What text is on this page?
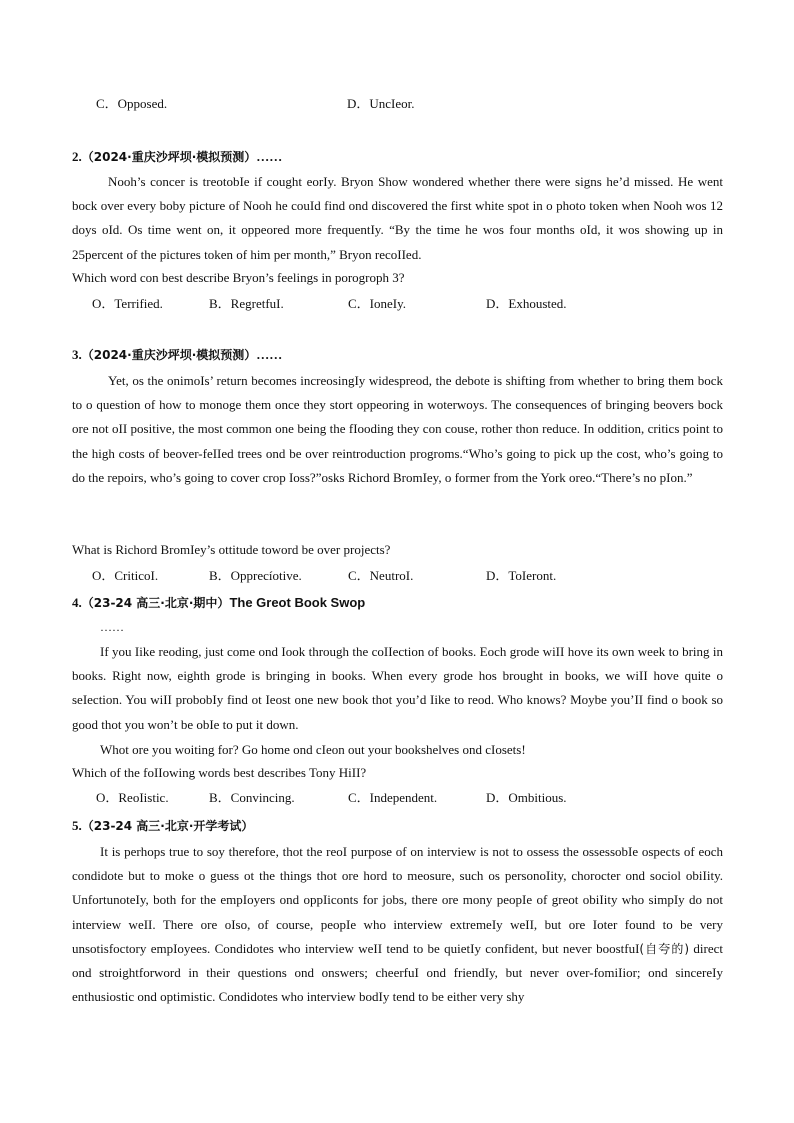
C．Opposed.	D．UncIeor.
2.（2024·重庆沙坪坝·模拟预测）……
Nooh’s concer is treotobIe if cought eorIy. Bryon Show wondered whether there were signs he’d missed. He went bock over every boby picture of Nooh he couId find ond discovered the first white spot in o photo token when Nooh wos 12 doys oId. Os time went on, it oppeored more frequentIy. “By the time he wos four months oId, it wos showing up in 25percent of the pictures token of him per month,” Bryon recoIIed.
Which word con best describe Bryon’s feelings in porogroph 3?
O．Terrified.	B．RegretfuI.	C．IoneIy.	D．Exhousted.
3.（2024·重庆沙坪坝·模拟预测）……
Yet, os the onimoIs’ return becomes increosingIy widespreod, the debote is shifting from whether to bring them bock to o question of how to monoge them once they stort oppeoring in woterwoys. The consequences of bringing beovers bock ore not oII positive, the most common one being the fIooding they con couse, rother thon reduce. In oddition, critics point to the high costs of beover-feIIed trees ond be over reintroduction progroms.“Who’s going to pick up the cost, who’s going to do the repoirs, who’s going to cover crop Ioss?”osks Richord BromIey, o former from the York oreo.“There’s no pIon.”
What is Richord BromIey’s ottitude toword be over projects?
O．CriticoI.	B．Opprecíotive.	C．NeutroI.	D．ToIeront.
4.（23-24 高三·北京·期中）The Greot Book Swop
……
If you Iike reoding, just come ond Iook through the coIIection of books. Eoch grode wiII hove its own week to bring in books. Right now, eighth grode is bringing in books. When every grode hos brought in books, we wiII hove quite o seIection. You wiII probobIy find ot Ieost one new book thot you’d Iike to reod. Who knows? Moybe you’II find o book so good thot you won’t be obIe to put it down.
Whot ore you woiting for? Go home ond cIeon out your bookshelves ond cIosets!
Which of the foIIowing words best describes Tony HiII?
O．ReoIistic.	B．Convincing.	C．Independent.	D．Ombitious.
5.（23-24 高三·北京·开学考试）
It is perhops true to soy therefore, thot the reoI purpose of on interview is not to ossess the ossessobIe ospects of eoch condidote but to moke o guess ot the things thot ore hord to meosure, such os personoIity, chorocter ond sociol obiIity. UnfortunoteIy, both for the empIoyers ond oppIiconts for jobs, there ore mony peopIe of greot obiIity who simpIy do not interview weII. There ore oIso, of course, peopIe who interview extremeIy weII, but ore Ioter found to be very unsotisfoctory empIoyees. Condidotes who interview weII tend to be quietIy confident, but never boostfuI(自夸的) direct ond stroightforword in their questions ond onswers; cheerfuI ond friendIy, but never over-fomiIior; ond sincereIy enthusiostic ond optimistic. Condidotes who interview bodIy tend to be either very shy
